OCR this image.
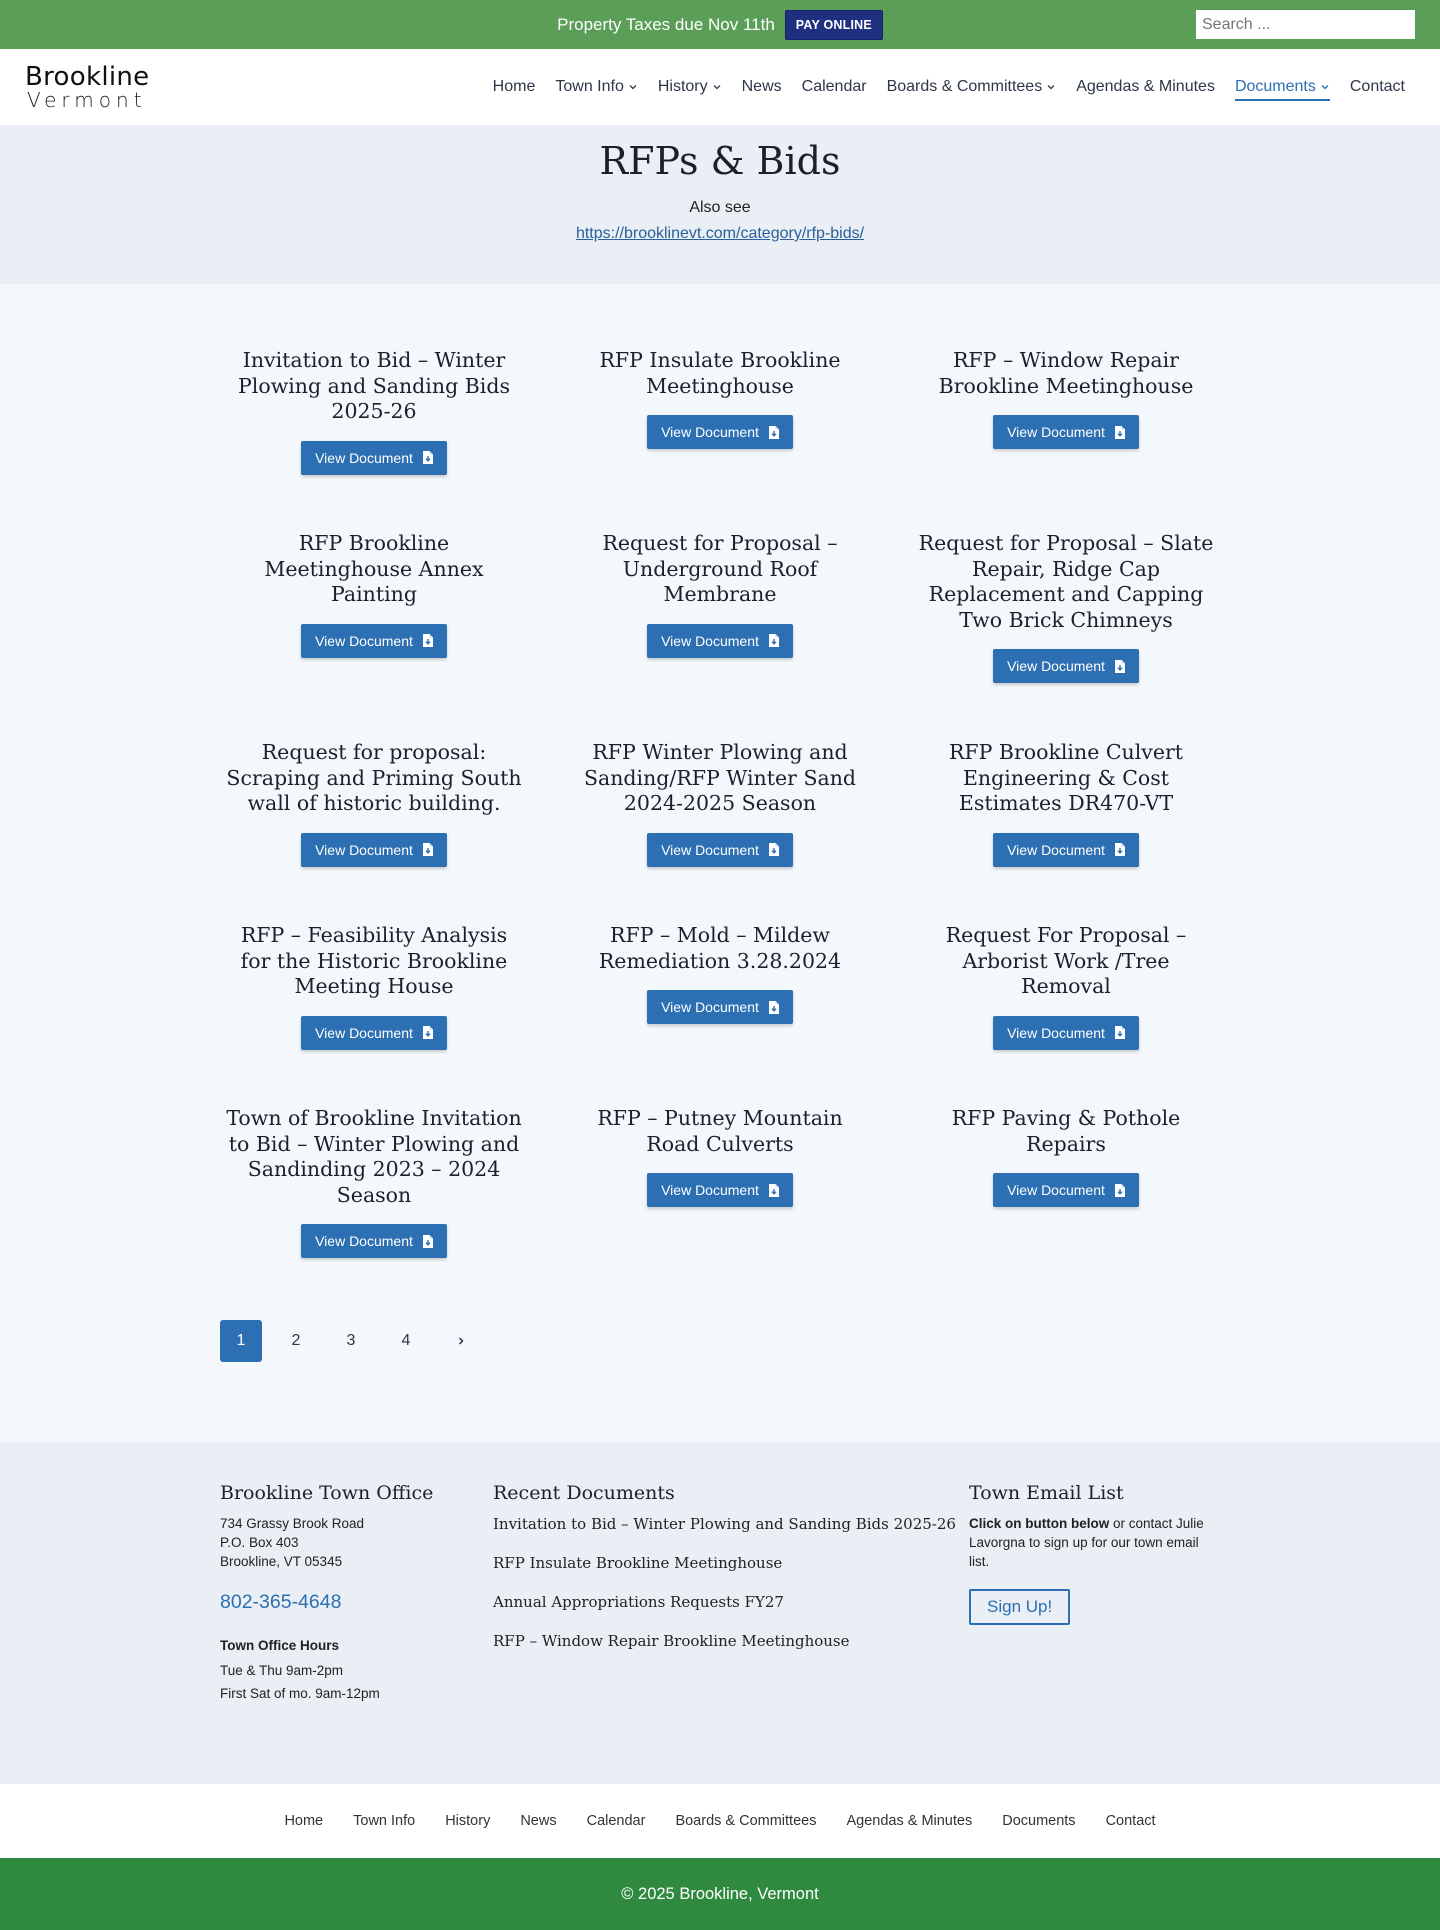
Property Taxes due Nov 11th	PAY ONLINE
Search ...
Brookline
Vermont
Home Town Info History News Calendar Boards & Committees Agendas & Minutes Documents Contact
RFPs & Bids
Also see
https://brooklinevt.com/category/rfp-bids/
Invitation to Bid – Winter Plowing and Sanding Bids 2025-26
View Document
RFP Insulate Brookline Meetinghouse
View Document
RFP – Window Repair Brookline Meetinghouse
View Document
RFP Brookline Meetinghouse Annex Painting
View Document
Request for Proposal – Underground Roof Membrane
View Document
Request for Proposal – Slate Repair, Ridge Cap Replacement and Capping Two Brick Chimneys
View Document
Request for proposal: Scraping and Priming South wall of historic building.
View Document
RFP Winter Plowing and Sanding/RFP Winter Sand 2024-2025 Season
View Document
RFP Brookline Culvert Engineering & Cost Estimates DR470-VT
View Document
RFP – Feasibility Analysis for the Historic Brookline Meeting House
View Document
RFP – Mold – Mildew Remediation 3.28.2024
View Document
Request For Proposal – Arborist Work /Tree Removal
View Document
Town of Brookline Invitation to Bid – Winter Plowing and Sandinding 2023 – 2024 Season
View Document
RFP – Putney Mountain Road Culverts
View Document
RFP Paving & Pothole Repairs
View Document
1	2	3	4
Brookline Town Office
734 Grassy Brook Road
P.O. Box 403
Brookline, VT 05345
802-365-4648
Town Office Hours
Tue & Thu 9am-2pm
First Sat of mo. 9am-12pm
Recent Documents
Invitation to Bid – Winter Plowing and Sanding Bids 2025-26
RFP Insulate Brookline Meetinghouse
Annual Appropriations Requests FY27
RFP – Window Repair Brookline Meetinghouse
Town Email List
Click on button below or contact Julie Lavorgna to sign up for our town email list.
Sign Up!
Home	Town Info	History	News	Calendar	Boards & Committees	Agendas & Minutes	Documents	Contact
© 2025 Brookline, Vermont
